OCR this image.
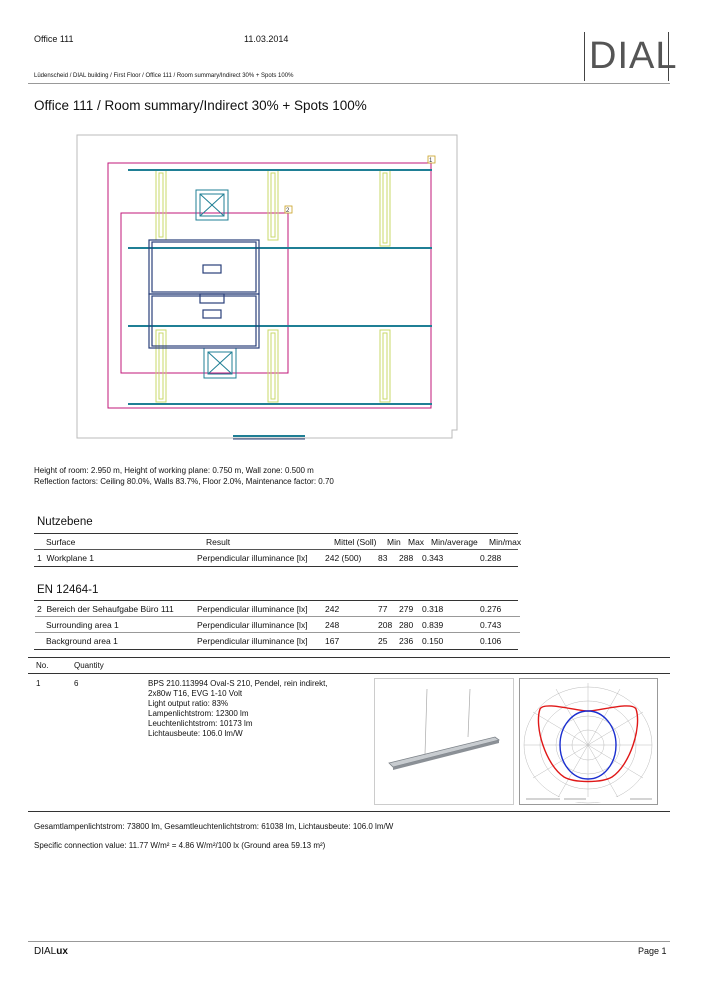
Office 111	11.03.2014	DIAL
Lüdenscheid / DIAL building / First Floor / Office 111 / Room summary/Indirect 30% + Spots 100%
Office 111 / Room summary/Indirect 30% + Spots 100%
1
2
Height of room: 2.950 m, Height of working plane: 0.750 m, Wall zone: 0.500 m
Reflection factors: Ceiling 80.0%, Walls 83.7%, Floor 2.0%, Maintenance factor: 0.70
Nutzebene
Surface	Result	Mittel (Soll)	Min	Max	Min/average	Min/max
1 Workplane 1	Perpendicular illuminance [lx]	242 (500)	83	288	0.343	0.288
EN 12464-1
2 Bereich der Sehaufgabe Büro 111	Perpendicular illuminance [lx]	242	77	279	0.318	0.276
Surrounding area 1	Perpendicular illuminance [lx]	248	208	280	0.839	0.743
Background area 1	Perpendicular illuminance [lx]	167	25	236	0.150	0.106
No.	Quantity
1	6	BPS 210.113994 Oval-S 210, Pendel, rein indirekt,
2x80w T16, EVG 1-10 Volt
Light output ratio: 83%
Lampenlichtstrom: 12300 lm
Leuchtenlichtstrom: 10173 lm
Lichtausbeute: 106.0 lm/W
Gesamtlampenlichtstrom: 73800 lm, Gesamtleuchtenlichtstrom: 61038 lm, Lichtausbeute: 106.0 lm/W
Specific connection value: 11.77 W/m² = 4.86 W/m²/100 lx (Ground area 59.13 m²)
DIALux	Page 1
